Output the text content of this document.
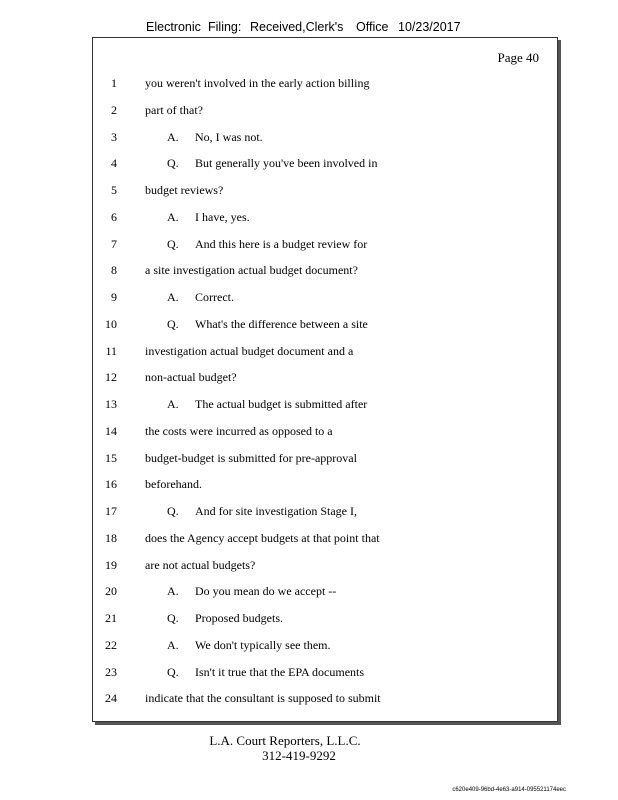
Electronic Filing: Received,Clerk's Office 10/23/2017
Page 40
1 you weren't involved in the early action billing
2 part of that?
3	A. No, I was not.
4	Q. But generally you've been involved in
5 budget reviews?
6	A. I have, yes.
7	Q. And this here is a budget review for
8 a site investigation actual budget document?
9	A. Correct.
10	Q. What's the difference between a site
11 investigation actual budget document and a
12 non-actual budget?
13	A. The actual budget is submitted after
14 the costs were incurred as opposed to a
15 budget-budget is submitted for pre-approval
16 beforehand.
17	Q. And for site investigation Stage I,
18 does the Agency accept budgets at that point that
19 are not actual budgets?
20	A. Do you mean do we accept --
21	Q. Proposed budgets.
22	A. We don't typically see them.
23	Q. Isn't it true that the EPA documents
24 indicate that the consultant is supposed to submit
L.A. Court Reporters, L.L.C.
312-419-9292
c620e409-96bd-4e63-a914-095521174eec
